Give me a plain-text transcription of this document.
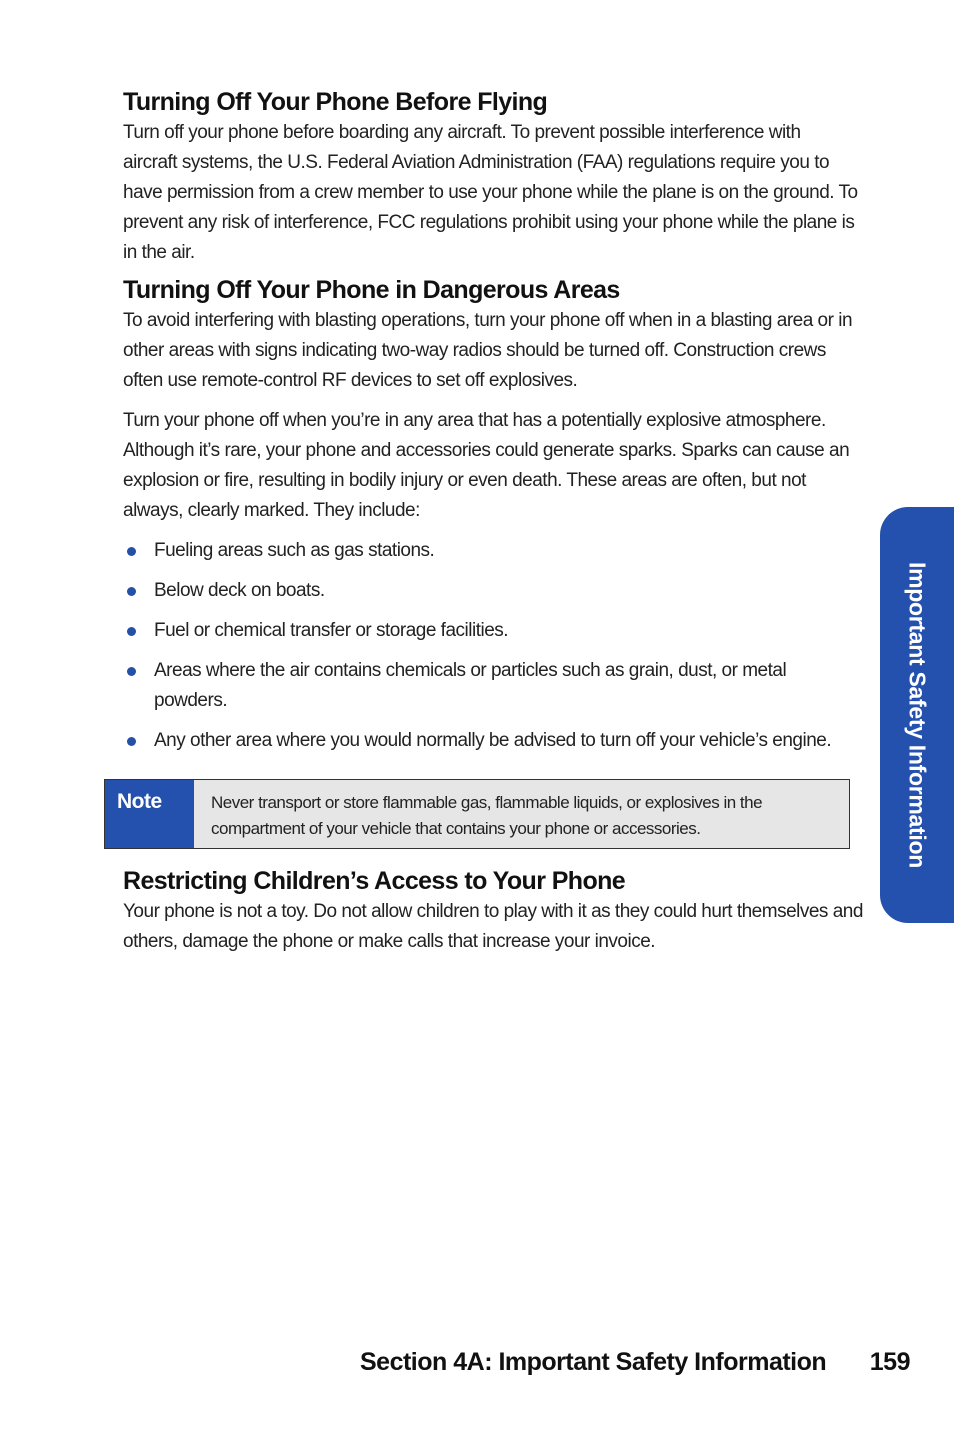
Turning Off Your Phone Before Flying

Turn off your phone before boarding any aircraft. To prevent possible interference with aircraft systems, the U.S. Federal Aviation Administration (FAA) regulations require you to have permission from a crew member to use your phone while the plane is on the ground. To prevent any risk of interference, FCC regulations prohibit using your phone while the plane is in the air.

Turning Off Your Phone in Dangerous Areas

To avoid interfering with blasting operations, turn your phone off when in a blasting area or in other areas with signs indicating two-way radios should be turned off. Construction crews often use remote-control RF devices to set off explosives.

Turn your phone off when you’re in any area that has a potentially explosive atmosphere. Although it’s rare, your phone and accessories could generate sparks. Sparks can cause an explosion or fire, resulting in bodily injury or even death. These areas are often, but not always, clearly marked. They include:

Fueling areas such as gas stations.
Below deck on boats.
Fuel or chemical transfer or storage facilities.
Areas where the air contains chemicals or particles such as grain, dust, or metal powders.
Any other area where you would normally be advised to turn off your vehicle’s engine.
Note	Never transport or store flammable gas, flammable liquids, or explosives in the compartment of your vehicle that contains your phone or accessories.
Restricting Children’s Access to Your Phone

Your phone is not a toy. Do not allow children to play with it as they could hurt themselves and others, damage the phone or make calls that increase your invoice.

Important Safety Information
Section 4A: Important Safety Information 159
